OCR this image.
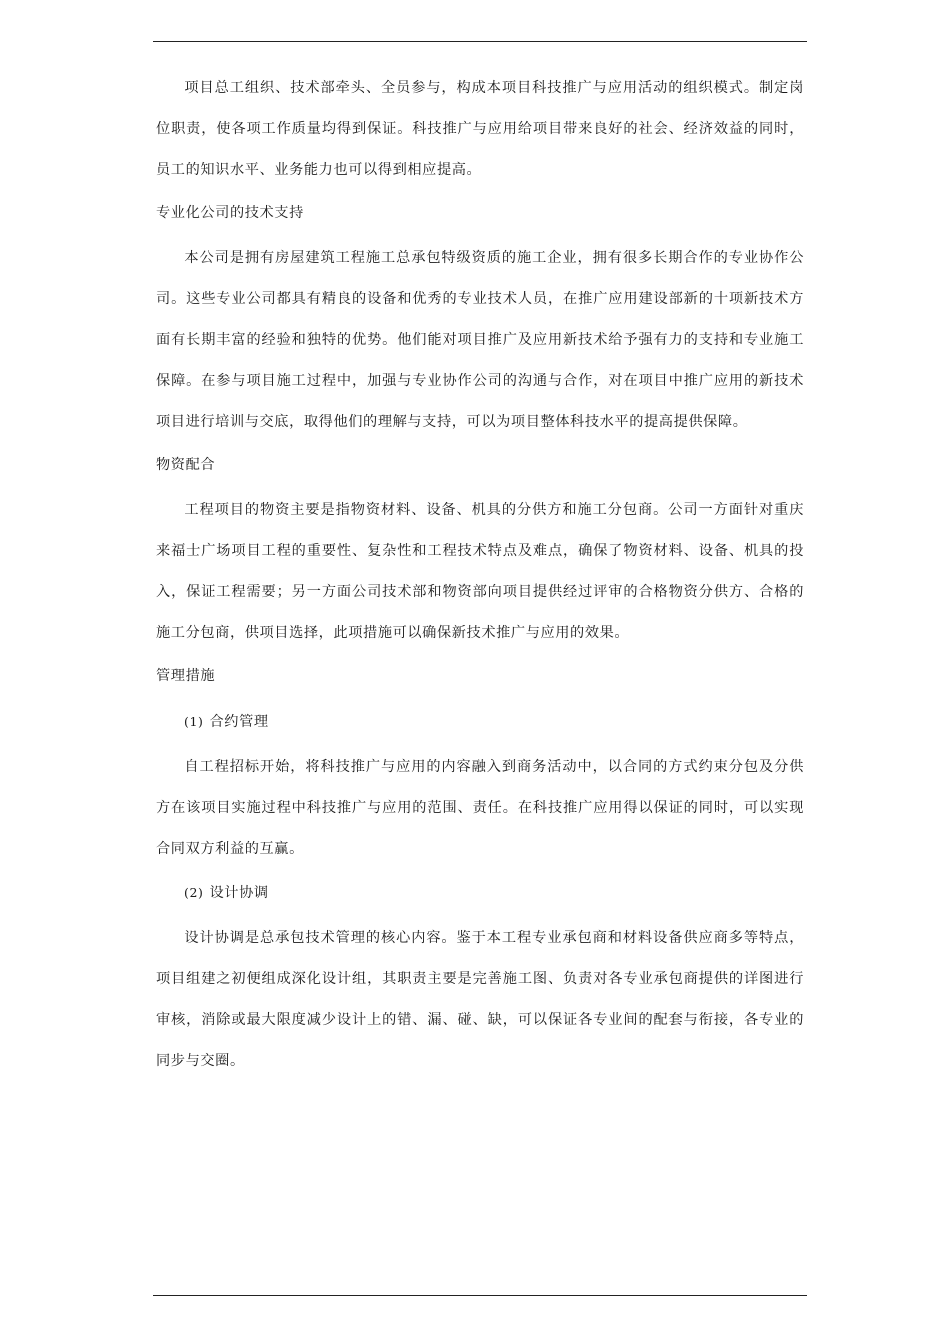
项目总工组织、技术部牵头、全员参与，构成本项目科技推广与应用活动的组织模式。制定岗位职责，使各项工作质量均得到保证。科技推广与应用给项目带来良好的社会、经济效益的同时，员工的知识水平、业务能力也可以得到相应提高。

专业化公司的技术支持

本公司是拥有房屋建筑工程施工总承包特级资质的施工企业，拥有很多长期合作的专业协作公司。这些专业公司都具有精良的设备和优秀的专业技术人员，在推广应用建设部新的十项新技术方面有长期丰富的经验和独特的优势。他们能对项目推广及应用新技术给予强有力的支持和专业施工保障。在参与项目施工过程中，加强与专业协作公司的沟通与合作，对在项目中推广应用的新技术项目进行培训与交底，取得他们的理解与支持，可以为项目整体科技水平的提高提供保障。

物资配合

工程项目的物资主要是指物资材料、设备、机具的分供方和施工分包商。公司一方面针对重庆来福士广场项目工程的重要性、复杂性和工程技术特点及难点，确保了物资材料、设备、机具的投入，保证工程需要；另一方面公司技术部和物资部向项目提供经过评审的合格物资分供方、合格的施工分包商，供项目选择，此项措施可以确保新技术推广与应用的效果。

管理措施
(1) 合约管理

自工程招标开始，将科技推广与应用的内容融入到商务活动中，以合同的方式约束分包及分供方在该项目实施过程中科技推广与应用的范围、责任。在科技推广应用得以保证的同时，可以实现合同双方利益的互赢。

(2) 设计协调

设计协调是总承包技术管理的核心内容。鉴于本工程专业承包商和材料设备供应商多等特点，项目组建之初便组成深化设计组，其职责主要是完善施工图、负责对各专业承包商提供的详图进行审核，消除或最大限度减少设计上的错、漏、碰、缺，可以保证各专业间的配套与衔接，各专业的同步与交圈。
